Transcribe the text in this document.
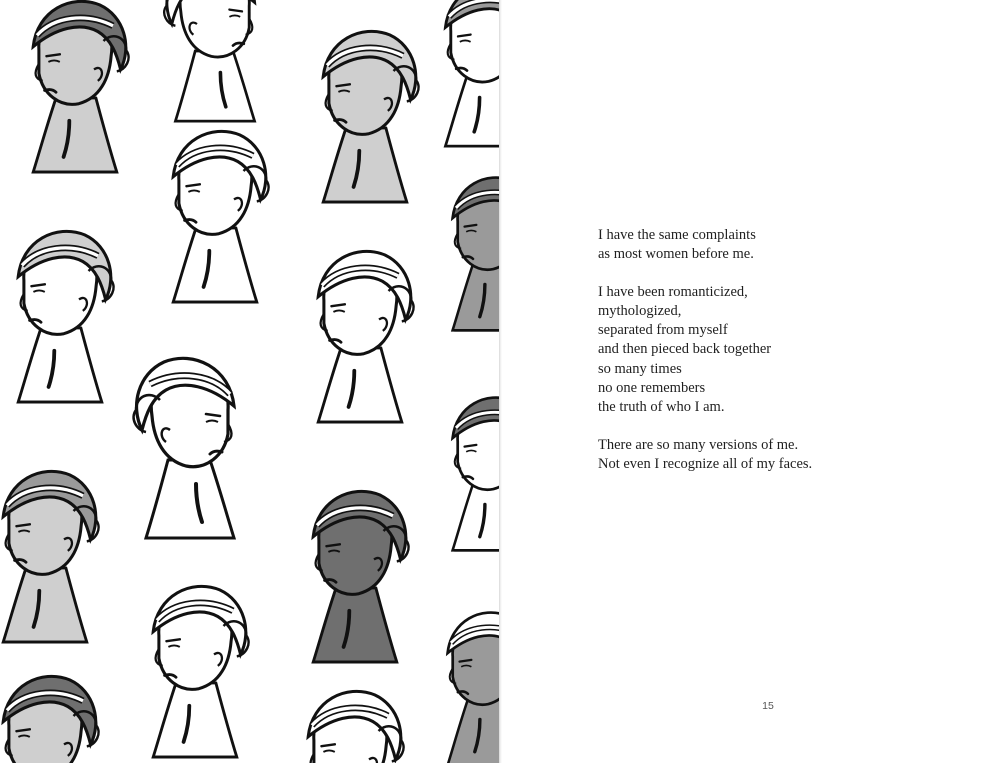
I have the same complaints
as most women before me.
I have been romanticized,
mythologized,
separated from myself
and then pieced back together
so many times
no one remembers
the truth of who I am.
There are so many versions of me.
Not even I recognize all of my faces.
15
